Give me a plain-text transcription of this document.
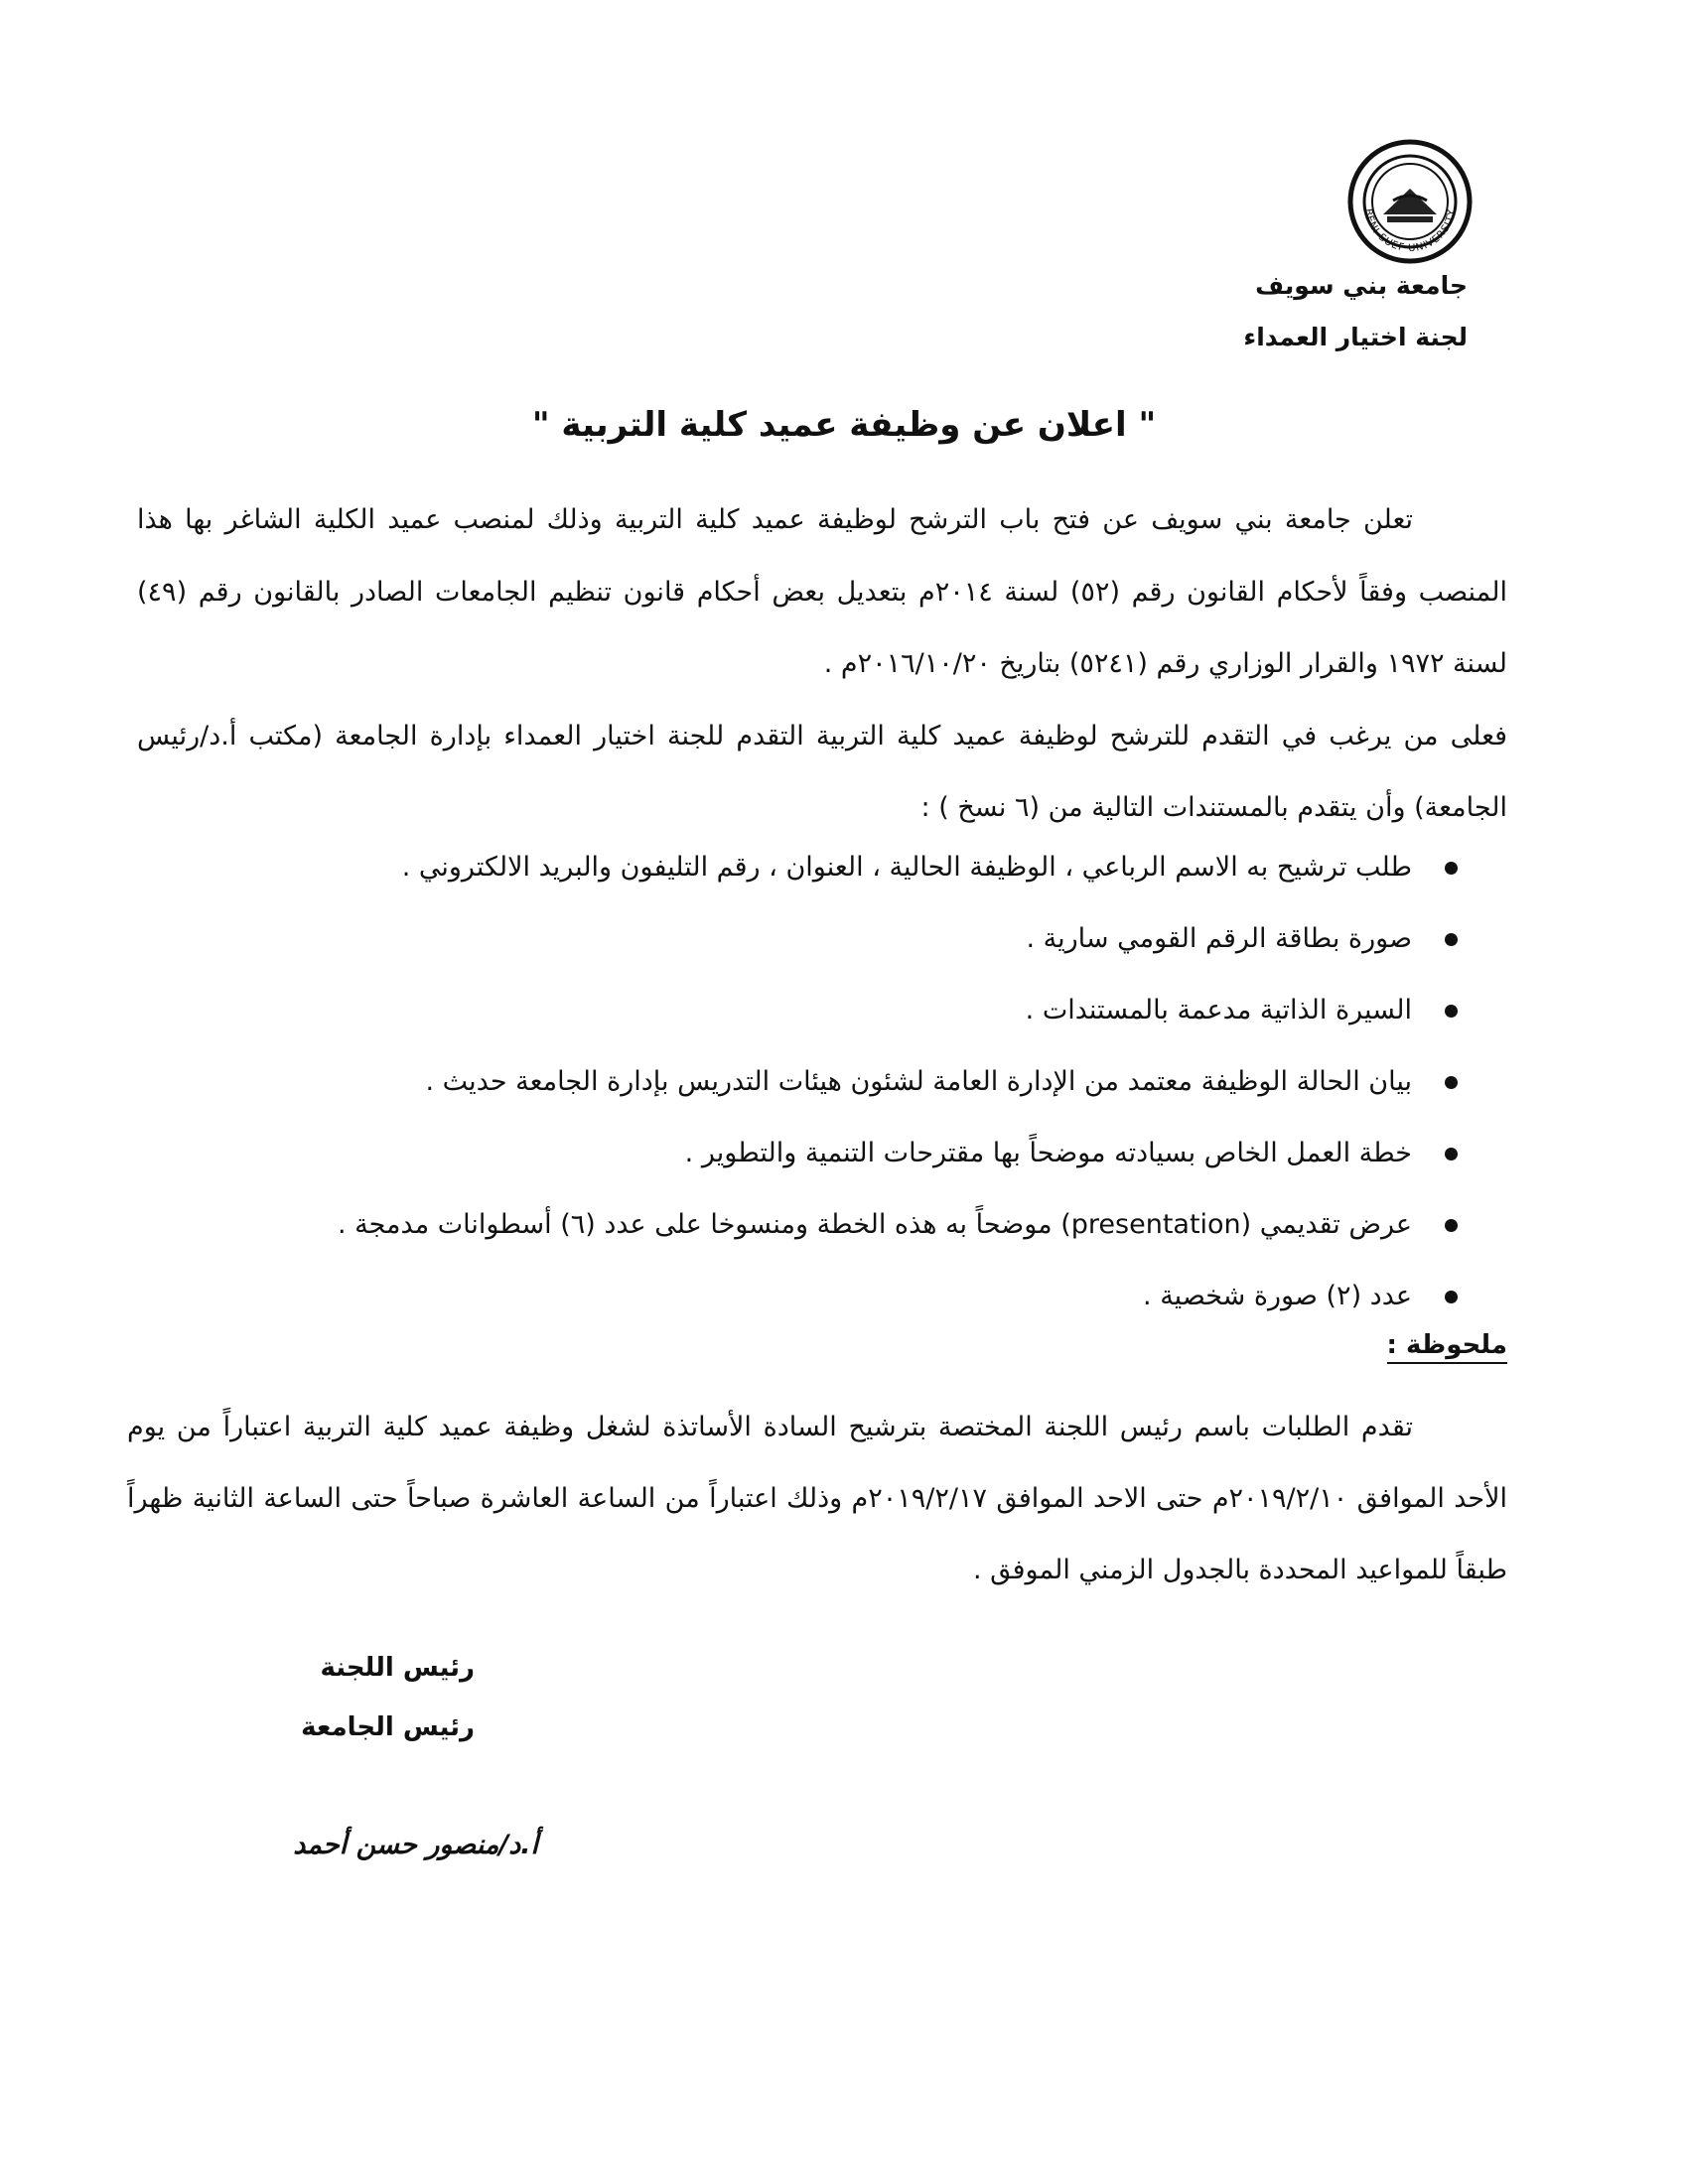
BENI-SUEF UNIVERSITY
جامعة بني سويف
لجنة اختيار العمداء
" اعلان عن وظيفة عميد كلية التربية "

تعلن جامعة بني سويف عن فتح باب الترشح لوظيفة عميد كلية التربية وذلك لمنصب عميد الكلية الشاغر بها هذا المنصب وفقاً لأحكام القانون رقم (٥٢) لسنة ٢٠١٤م بتعديل بعض أحكام قانون تنظيم الجامعات الصادر بالقانون رقم (٤٩) لسنة ١٩٧٢ والقرار الوزاري رقم (٥٢٤١) بتاريخ ٢٠١٦/١٠/٢٠م .

فعلى من يرغب في التقدم للترشح لوظيفة عميد كلية التربية التقدم للجنة اختيار العمداء بإدارة الجامعة (مكتب أ.د/رئيس الجامعة) وأن يتقدم بالمستندات التالية من (٦ نسخ ) :

طلب ترشيح به الاسم الرباعي ، الوظيفة الحالية ، العنوان ، رقم التليفون والبريد الالكتروني .
صورة بطاقة الرقم القومي سارية .
السيرة الذاتية مدعمة بالمستندات .
بيان الحالة الوظيفة معتمد من الإدارة العامة لشئون هيئات التدريس بإدارة الجامعة حديث .
خطة العمل الخاص بسيادته موضحاً بها مقترحات التنمية والتطوير .
عرض تقديمي (presentation) موضحاً به هذه الخطة ومنسوخا على عدد (٦) أسطوانات مدمجة .
عدد (٢) صورة شخصية .
ملحوظة :

تقدم الطلبات باسم رئيس اللجنة المختصة بترشيح السادة الأساتذة لشغل وظيفة عميد كلية التربية اعتباراً من يوم الأحد الموافق ٢٠١٩/٢/١٠م حتى الاحد الموافق ٢٠١٩/٢/١٧م وذلك اعتباراً من الساعة العاشرة صباحاً حتى الساعة الثانية ظهراً طبقاً للمواعيد المحددة بالجدول الزمني الموفق .

رئيس اللجنة
رئيس الجامعة
أ.د/منصور حسن أحمد
